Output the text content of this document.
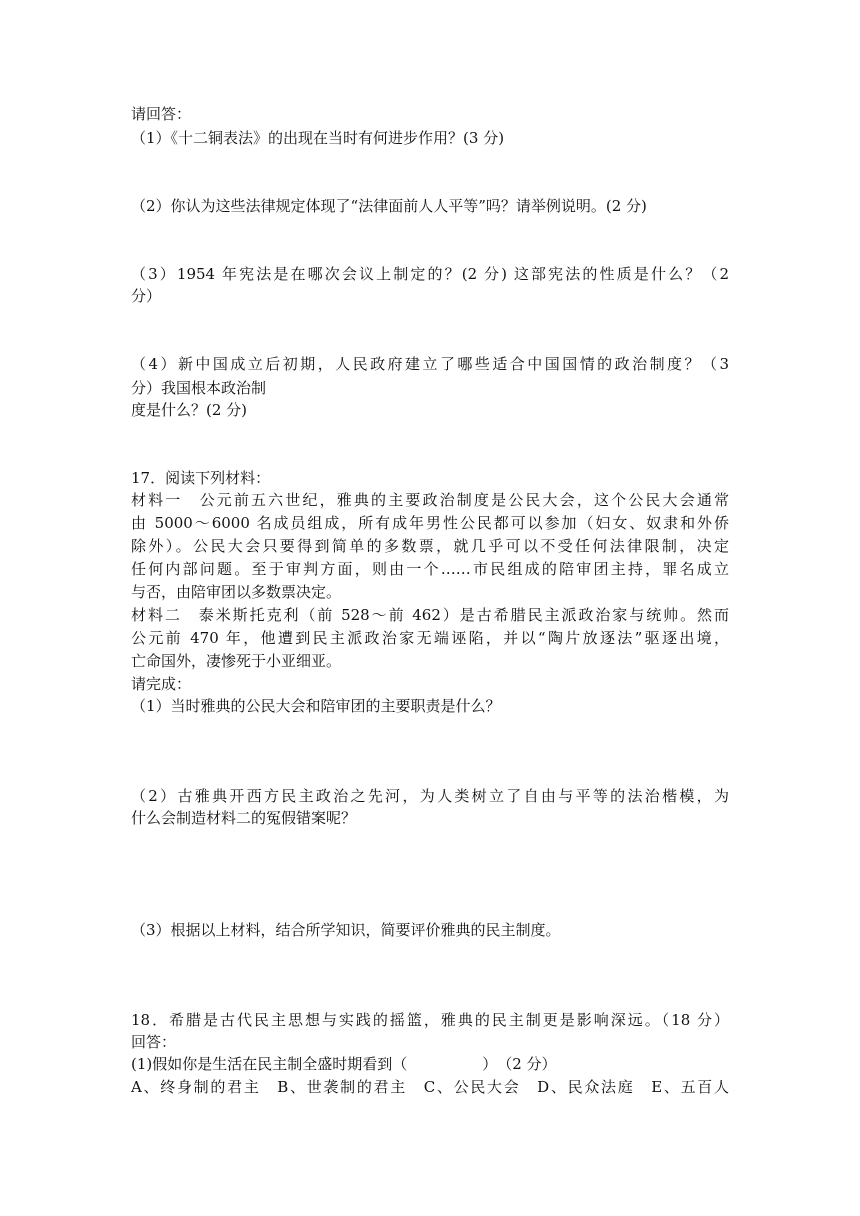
请回答：
（1）《十二铜表法》的出现在当时有何进步作用？(3 分)
（2）你认为这些法律规定体现了“法律面前人人平等”吗？请举例说明。(2 分)
（3）1954 年宪法是在哪次会议上制定的？(2 分) 这部宪法的性质是什么？（2
分）
（4）新中国成立后初期，人民政府建立了哪些适合中国国情的政治制度？（3
分）我国根本政治制
度是什么？(2 分)
17．阅读下列材料：
材料一　公元前五六世纪，雅典的主要政治制度是公民大会，这个公民大会通常
由 5000～6000 名成员组成，所有成年男性公民都可以参加（妇女、奴隶和外侨
除外）。公民大会只要得到简单的多数票，就几乎可以不受任何法律限制，决定
任何内部问题。至于审判方面，则由一个……市民组成的陪审团主持，罪名成立
与否，由陪审团以多数票决定。
材料二　泰米斯托克利（前 528～前 462）是古希腊民主派政治家与统帅。然而
公元前 470 年，他遭到民主派政治家无端诬陷，并以“陶片放逐法”驱逐出境，
亡命国外，凄惨死于小亚细亚。
请完成：
（1）当时雅典的公民大会和陪审团的主要职责是什么？
（2）古雅典开西方民主政治之先河，为人类树立了自由与平等的法治楷模，为
什么会制造材料二的冤假错案呢？
（3）根据以上材料，结合所学知识，简要评价雅典的民主制度。
18．希腊是古代民主思想与实践的摇篮，雅典的民主制更是影响深远。（18 分）
回答：
(1)假如你是生活在民主制全盛时期看到（　　　　　）　（2 分）
A、终身制的君主　B、世袭制的君主　C、公民大会　D、民众法庭　E、五百人
